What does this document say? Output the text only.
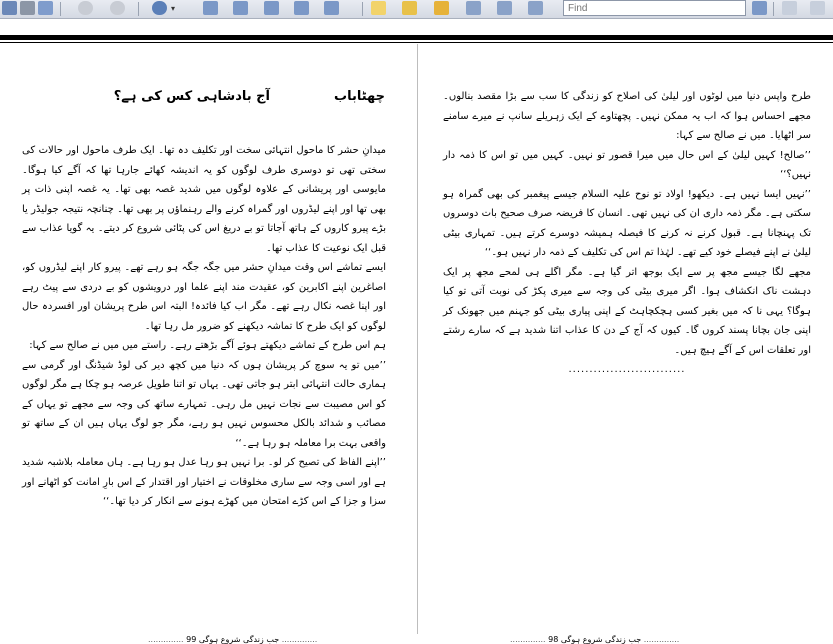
▾
Find
چھٹاباب
آج بادشاہی کس کی ہے؟

میدانِ حشر کا ماحول انتہائی سخت اور تکلیف دہ تھا۔ ایک طرف ماحول اور حالات کی سختی تھی تو دوسری طرف لوگوں کو یہ اندیشہ کھائے جارہا تھا کہ آگے کیا ہوگا۔ مایوسی اور پریشانی کے علاوہ لوگوں میں شدید غصہ بھی تھا۔ یہ غصہ اپنی ذات پر بھی تھا اور اپنے لیڈروں اور گمراہ کرنے والے رہنماؤں پر بھی تھا۔ چنانچہ نتیجہ جولیڈر یا بڑے پیرو کاروں کے ہاتھ آجاتا تو بے دریغ اس کی پٹائی شروع کر دیتے۔ یہ گویا عذاب سے قبل ایک نوعیت کا عذاب تھا۔

ایسے تماشے اس وقت میدانِ حشر میں جگہ جگہ ہو رہے تھے۔ پیرو کار اپنے لیڈروں کو، اصاغرین اپنے اکابرین کو، عقیدت مند اپنے علما اور درویشوں کو بے دردی سے پیٹ رہے اور اپنا غصہ نکال رہے تھے۔ مگر اب کیا فائدہ! البتہ اس طرح پریشان اور افسردہ حال لوگوں کو ایک طرح کا تماشہ دیکھنے کو ضرور مل رہا تھا۔

ہم اس طرح کے تماشے دیکھتے ہوئے آگے بڑھتے رہے۔ راستے میں میں نے صالح سے کہا:

’’میں تو یہ سوچ کر پریشان ہوں کہ دنیا میں کچھ دیر کی لوڈ شیڈنگ اور گرمی سے ہماری حالت انتہائی ابتر ہو جاتی تھی۔ یہاں تو اتنا طویل عرصہ ہو چکا ہے مگر لوگوں کو اس مصیبت سے نجات نہیں مل رہی۔ تمہارے ساتھ کی وجہ سے مجھے تو یہاں کے مصائب و شدائد بالکل محسوس نہیں ہو رہے، مگر جو لوگ یہاں ہیں ان کے ساتھ تو واقعی بہت برا معاملہ ہو رہا ہے۔‘‘

’’اپنے الفاظ کی تصیح کر لو۔ برا نہیں ہو رہا عدل ہو رہا ہے۔ ہاں معاملہ بلاشبہ شدید ہے اور اسی وجہ سے ساری مخلوقات نے اختیار اور اقتدار کے اس بارِ امانت کو اٹھانے اور سزا و جزا کے اس کڑے امتحان میں کھڑے ہونے سے انکار کر دیا تھا۔‘‘

.............. 99 جب زندگی شروع ہوگی ..............

طرح واپس دنیا میں لوٹوں اور لیلیٰ کی اصلاح کو زندگی کا سب سے بڑا مقصد بنالوں۔ مجھے احساس ہوا کہ اب یہ ممکن نہیں۔ پچھتاوے کے ایک زہریلے سانپ نے میرے سامنے سر اٹھایا۔ میں نے صالح سے کہا:

’’صالح! کہیں لیلیٰ کے اس حال میں میرا قصور تو نہیں۔ کہیں میں تو اس کا ذمہ دار نہیں؟‘‘

’’نہیں ایسا نہیں ہے۔ دیکھو! اولاد تو نوح علیہ السلام جیسے پیغمبر کی بھی گمراہ ہو سکتی ہے۔ مگر ذمہ داری ان کی نہیں تھی۔ انسان کا فریضہ صرف صحیح بات دوسروں تک پہنچانا ہے۔ قبول کرنے نہ کرنے کا فیصلہ ہمیشہ دوسرے کرتے ہیں۔ تمہاری بیٹی لیلیٰ نے اپنے فیصلے خود کیے تھے۔ لہٰذا تم اس کی تکلیف کے ذمہ دار نہیں ہو۔‘‘

مجھے لگا جیسے مجھ پر سے ایک بوجھ اتر گیا ہے۔ مگر اگلے ہی لمحے مجھ پر ایک دہشت ناک انکشاف ہوا۔ اگر میری بیٹی کی وجہ سے میری پکڑ کی نوبت آتی تو کیا ہوگا؟ یہی نا کہ میں بغیر کسی ہچکچاہٹ کے اپنی پیاری بیٹی کو جہنم میں جھونک کر اپنی جان بچانا پسند کروں گا۔ کیوں کہ آج کے دن کا عذاب اتنا شدید ہے کہ سارے رشتے اور تعلقات اس کے آگے ہیچ ہیں۔

............................

.............. 98 جب زندگی شروع ہوگی ..............
